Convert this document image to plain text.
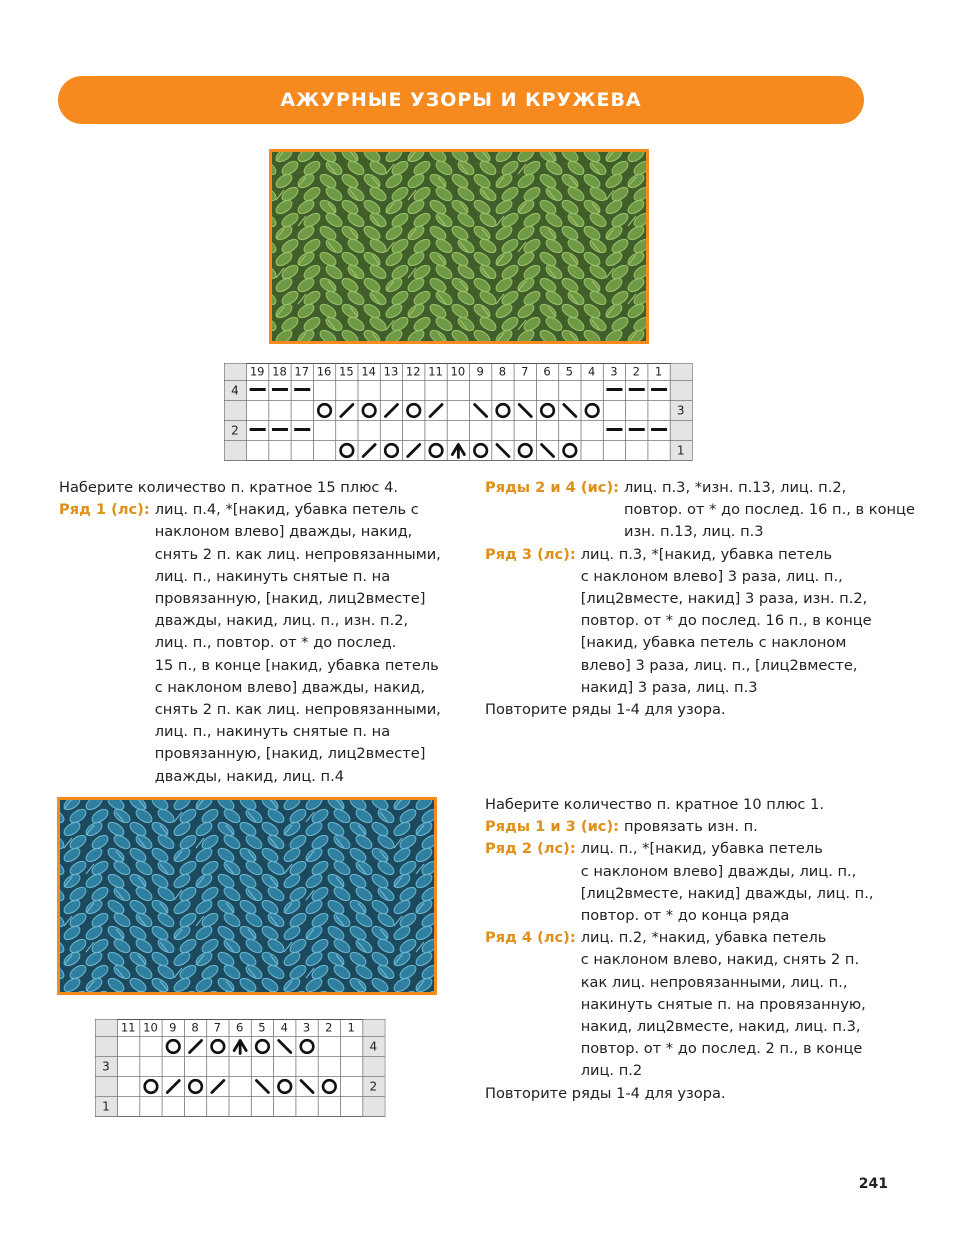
АЖУРНЫЕ УЗОРЫ И КРУЖЕВА
19 18 17 16 15 14 13 12 11 10 9 8 7 6 5 4 3 2 1
4
2
3
1
Наберите количество п. кратное 15 плюс 4.
Ряд 1 (лс): лиц. п.4, *[накид, убавка петель с
наклоном влево] дважды, накид,
снять 2 п. как лиц. непровязанными,
лиц. п., накинуть снятые п. на
провязанную, [накид, лиц2вместе]
дважды, накид, лиц. п., изн. п.2,
лиц. п., повтор. от * до послед.
15 п., в конце [накид, убавка петель
с наклоном влево] дважды, накид,
снять 2 п. как лиц. непровязанными,
лиц. п., накинуть снятые п. на
провязанную, [накид, лиц2вместе]
дважды, накид, лиц. п.4
Ряды 2 и 4 (ис): лиц. п.3, *изн. п.13, лиц. п.2,
повтор. от * до послед. 16 п., в конце
изн. п.13, лиц. п.3
Ряд 3 (лс): лиц. п.3, *[накид, убавка петель
с наклоном влево] 3 раза, лиц. п.,
[лиц2вместе, накид] 3 раза, изн. п.2,
повтор. от * до послед. 16 п., в конце
[накид, убавка петель с наклоном
влево] 3 раза, лиц. п., [лиц2вместе,
накид] 3 раза, лиц. п.3
Повторите ряды 1-4 для узора.
11 10 9 8 7 6 5 4 3 2 1
3
1
4
2
Наберите количество п. кратное 10 плюс 1.
Ряды 1 и 3 (ис): провязать изн. п.
Ряд 2 (лс): лиц. п., *[накид, убавка петель
с наклоном влево] дважды, лиц. п.,
[лиц2вместе, накид] дважды, лиц. п.,
повтор. от * до конца ряда
Ряд 4 (лс): лиц. п.2, *накид, убавка петель
с наклоном влево, накид, снять 2 п.
как лиц. непровязанными, лиц. п.,
накинуть снятые п. на провязанную,
накид, лиц2вместе, накид, лиц. п.3,
повтор. от * до послед. 2 п., в конце
лиц. п.2
Повторите ряды 1-4 для узора.
241
